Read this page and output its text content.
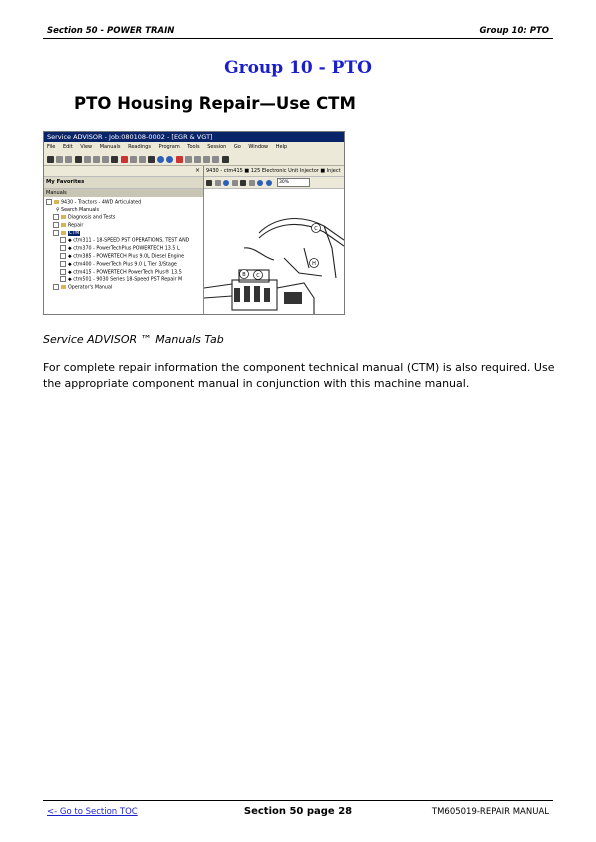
Section 50 - POWER TRAIN	Group 10: PTO
Group 10 - PTO
PTO Housing Repair—Use CTM
Service ADVISOR - Job:080108-0002 - [EGR & VGT]
File Edit View Manuals Readings Program Tools Session Go Window Help
×
My Favorites
Manuals
9430 - Tractors - 4WD Articulated
⚲ Search Manuals
Diagnosis and Tests
Repair
CTM
◆ ctm311 - 18-SPEED PST OPERATIONS, TEST AND
◆ ctm370 - PowerTechPlus POWERTECH 13.5 L
◆ ctm385 - POWERTECH Plus 9.0L Diesel Engine
◆ ctm400 - PowerTech Plus 9.0 L Tier 3/Stage
◆ ctm415 - POWERTECH PowerTech Plus® 13.5
◆ ctm501 - 9030 Series 18-Speed PST Repair M
Operator's Manual
9430 - ctm415 ■ 125 Electronic Unit Injector ■ Inject
30%
C
B C
H
Service ADVISOR ™ Manuals Tab
For complete repair information the component technical manual (CTM) is also required. Use the appropriate component manual in conjunction with this machine manual.
<- Go to Section TOC	Section 50 page 28	TM605019-REPAIR MANUAL
